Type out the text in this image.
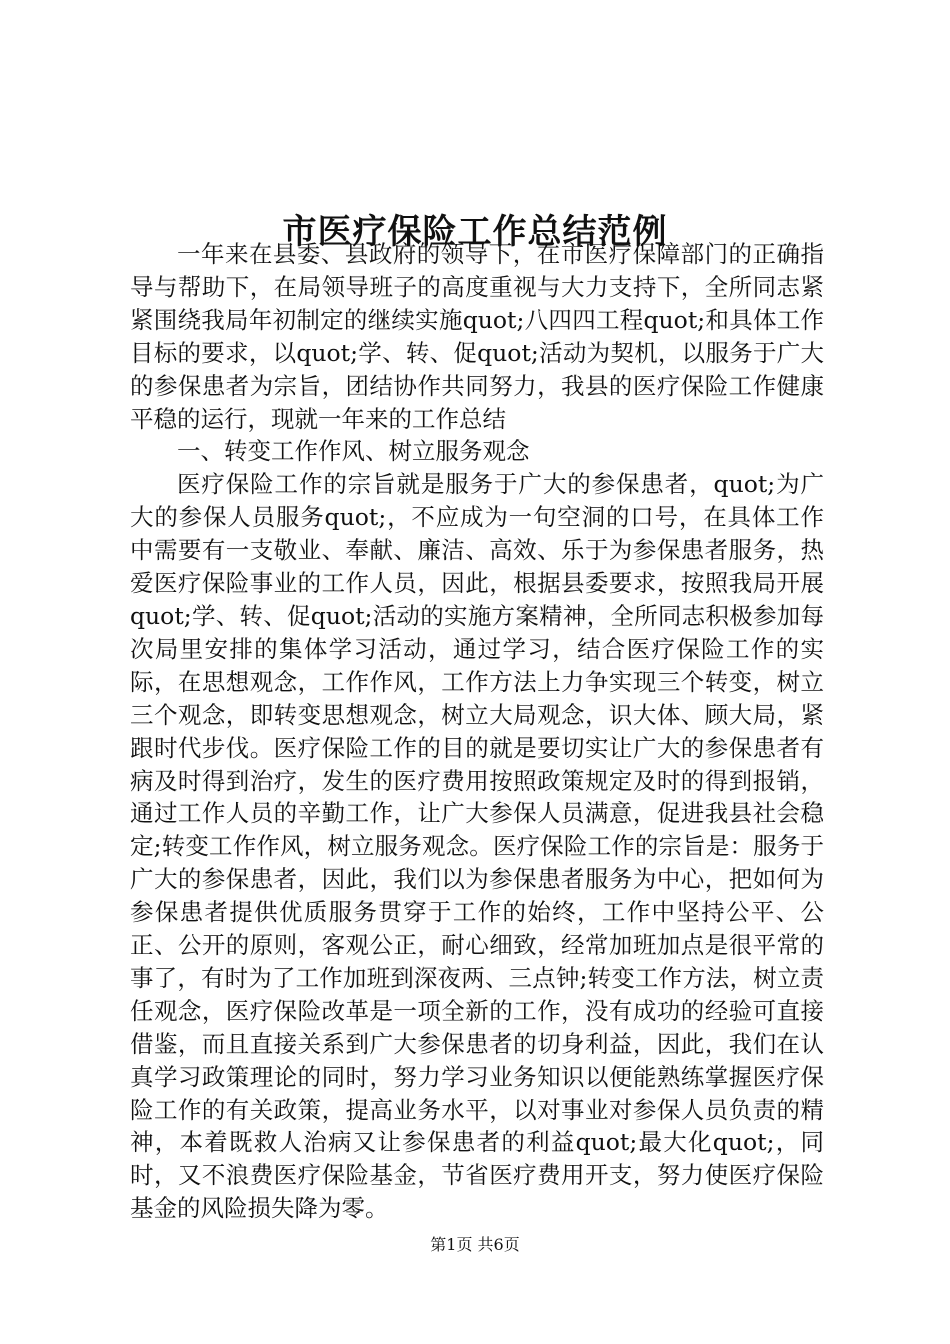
市医疗保险工作总结范例

一年来在县委、县政府的领导下，在市医疗保障部门的正确指导与帮助下，在局领导班子的高度重视与大力支持下，全所同志紧紧围绕我局年初制定的继续实施quot;八四四工程quot;和具体工作目标的要求，以quot;学、转、促quot;活动为契机，以服务于广大的参保患者为宗旨，团结协作共同努力，我县的医疗保险工作健康平稳的运行，现就一年来的工作总结

一、转变工作作风、树立服务观念

医疗保险工作的宗旨就是服务于广大的参保患者，quot;为广大的参保人员服务quot;，不应成为一句空洞的口号，在具体工作中需要有一支敬业、奉献、廉洁、高效、乐于为参保患者服务，热爱医疗保险事业的工作人员，因此，根据县委要求，按照我局开展quot;学、转、促quot;活动的实施方案精神，全所同志积极参加每次局里安排的集体学习活动，通过学习，结合医疗保险工作的实际，在思想观念，工作作风，工作方法上力争实现三个转变，树立三个观念，即转变思想观念，树立大局观念，识大体、顾大局，紧跟时代步伐。医疗保险工作的目的就是要切实让广大的参保患者有病及时得到治疗，发生的医疗费用按照政策规定及时的得到报销，通过工作人员的辛勤工作，让广大参保人员满意，促进我县社会稳定;转变工作作风，树立服务观念。医疗保险工作的宗旨是：服务于广大的参保患者，因此，我们以为参保患者服务为中心，把如何为参保患者提供优质服务贯穿于工作的始终，工作中坚持公平、公正、公开的原则，客观公正，耐心细致，经常加班加点是很平常的事了，有时为了工作加班到深夜两、三点钟;转变工作方法，树立责任观念，医疗保险改革是一项全新的工作，没有成功的经验可直接借鉴，而且直接关系到广大参保患者的切身利益，因此，我们在认真学习政策理论的同时，努力学习业务知识以便能熟练掌握医疗保险工作的有关政策，提高业务水平，以对事业对参保人员负责的精神，本着既救人治病又让参保患者的利益quot;最大化quot;，同时，又不浪费医疗保险基金，节省医疗费用开支，努力使医疗保险基金的风险损失降为零。

第1页 共6页
